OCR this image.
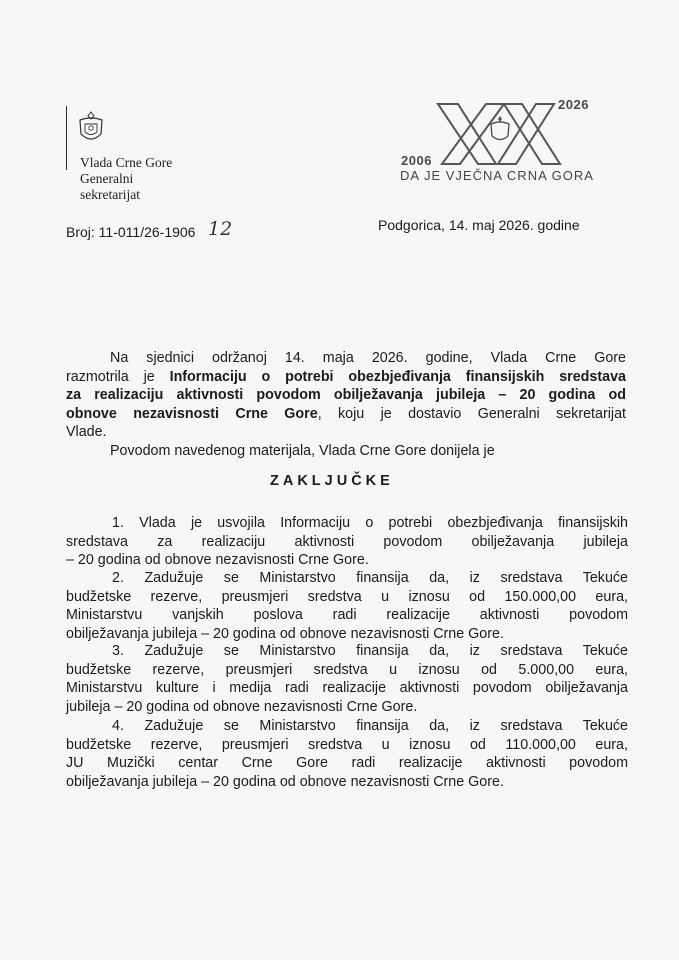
Vlada Crne Gore
Generalni
sekretarijat
2006
2026
DA JE VJEČNA CRNA GORA
Broj: 11-011/26-1906 12	Podgorica, 14. maj 2026. godine
Na sjednici održanoj 14. maja 2026. godine, Vlada Crne Gore
razmotrila je Informaciju o potrebi obezbjeđivanja finansijskih sredstava
za realizaciju aktivnosti povodom obilježavanja jubileja – 20 godina od
obnove nezavisnosti Crne Gore, koju je dostavio Generalni sekretarijat
Vlade.
Povodom navedenog materijala, Vlada Crne Gore donijela je
ZAKLJUČKE
1. Vlada je usvojila Informaciju o potrebi obezbjeđivanja finansijskih
sredstava za realizaciju aktivnosti povodom obilježavanja jubileja
– 20 godina od obnove nezavisnosti Crne Gore.
2. Zadužuje se Ministarstvo finansija da, iz sredstava Tekuće
budžetske rezerve, preusmjeri sredstva u iznosu od 150.000,00 eura,
Ministarstvu vanjskih poslova radi realizacije aktivnosti povodom
obilježavanja jubileja – 20 godina od obnove nezavisnosti Crne Gore.
3. Zadužuje se Ministarstvo finansija da, iz sredstava Tekuće
budžetske rezerve, preusmjeri sredstva u iznosu od 5.000,00 eura,
Ministarstvu kulture i medija radi realizacije aktivnosti povodom obilježavanja
jubileja – 20 godina od obnove nezavisnosti Crne Gore.
4. Zadužuje se Ministarstvo finansija da, iz sredstava Tekuće
budžetske rezerve, preusmjeri sredstva u iznosu od 110.000,00 eura,
JU Muzički centar Crne Gore radi realizacije aktivnosti povodom
obilježavanja jubileja – 20 godina od obnove nezavisnosti Crne Gore.
